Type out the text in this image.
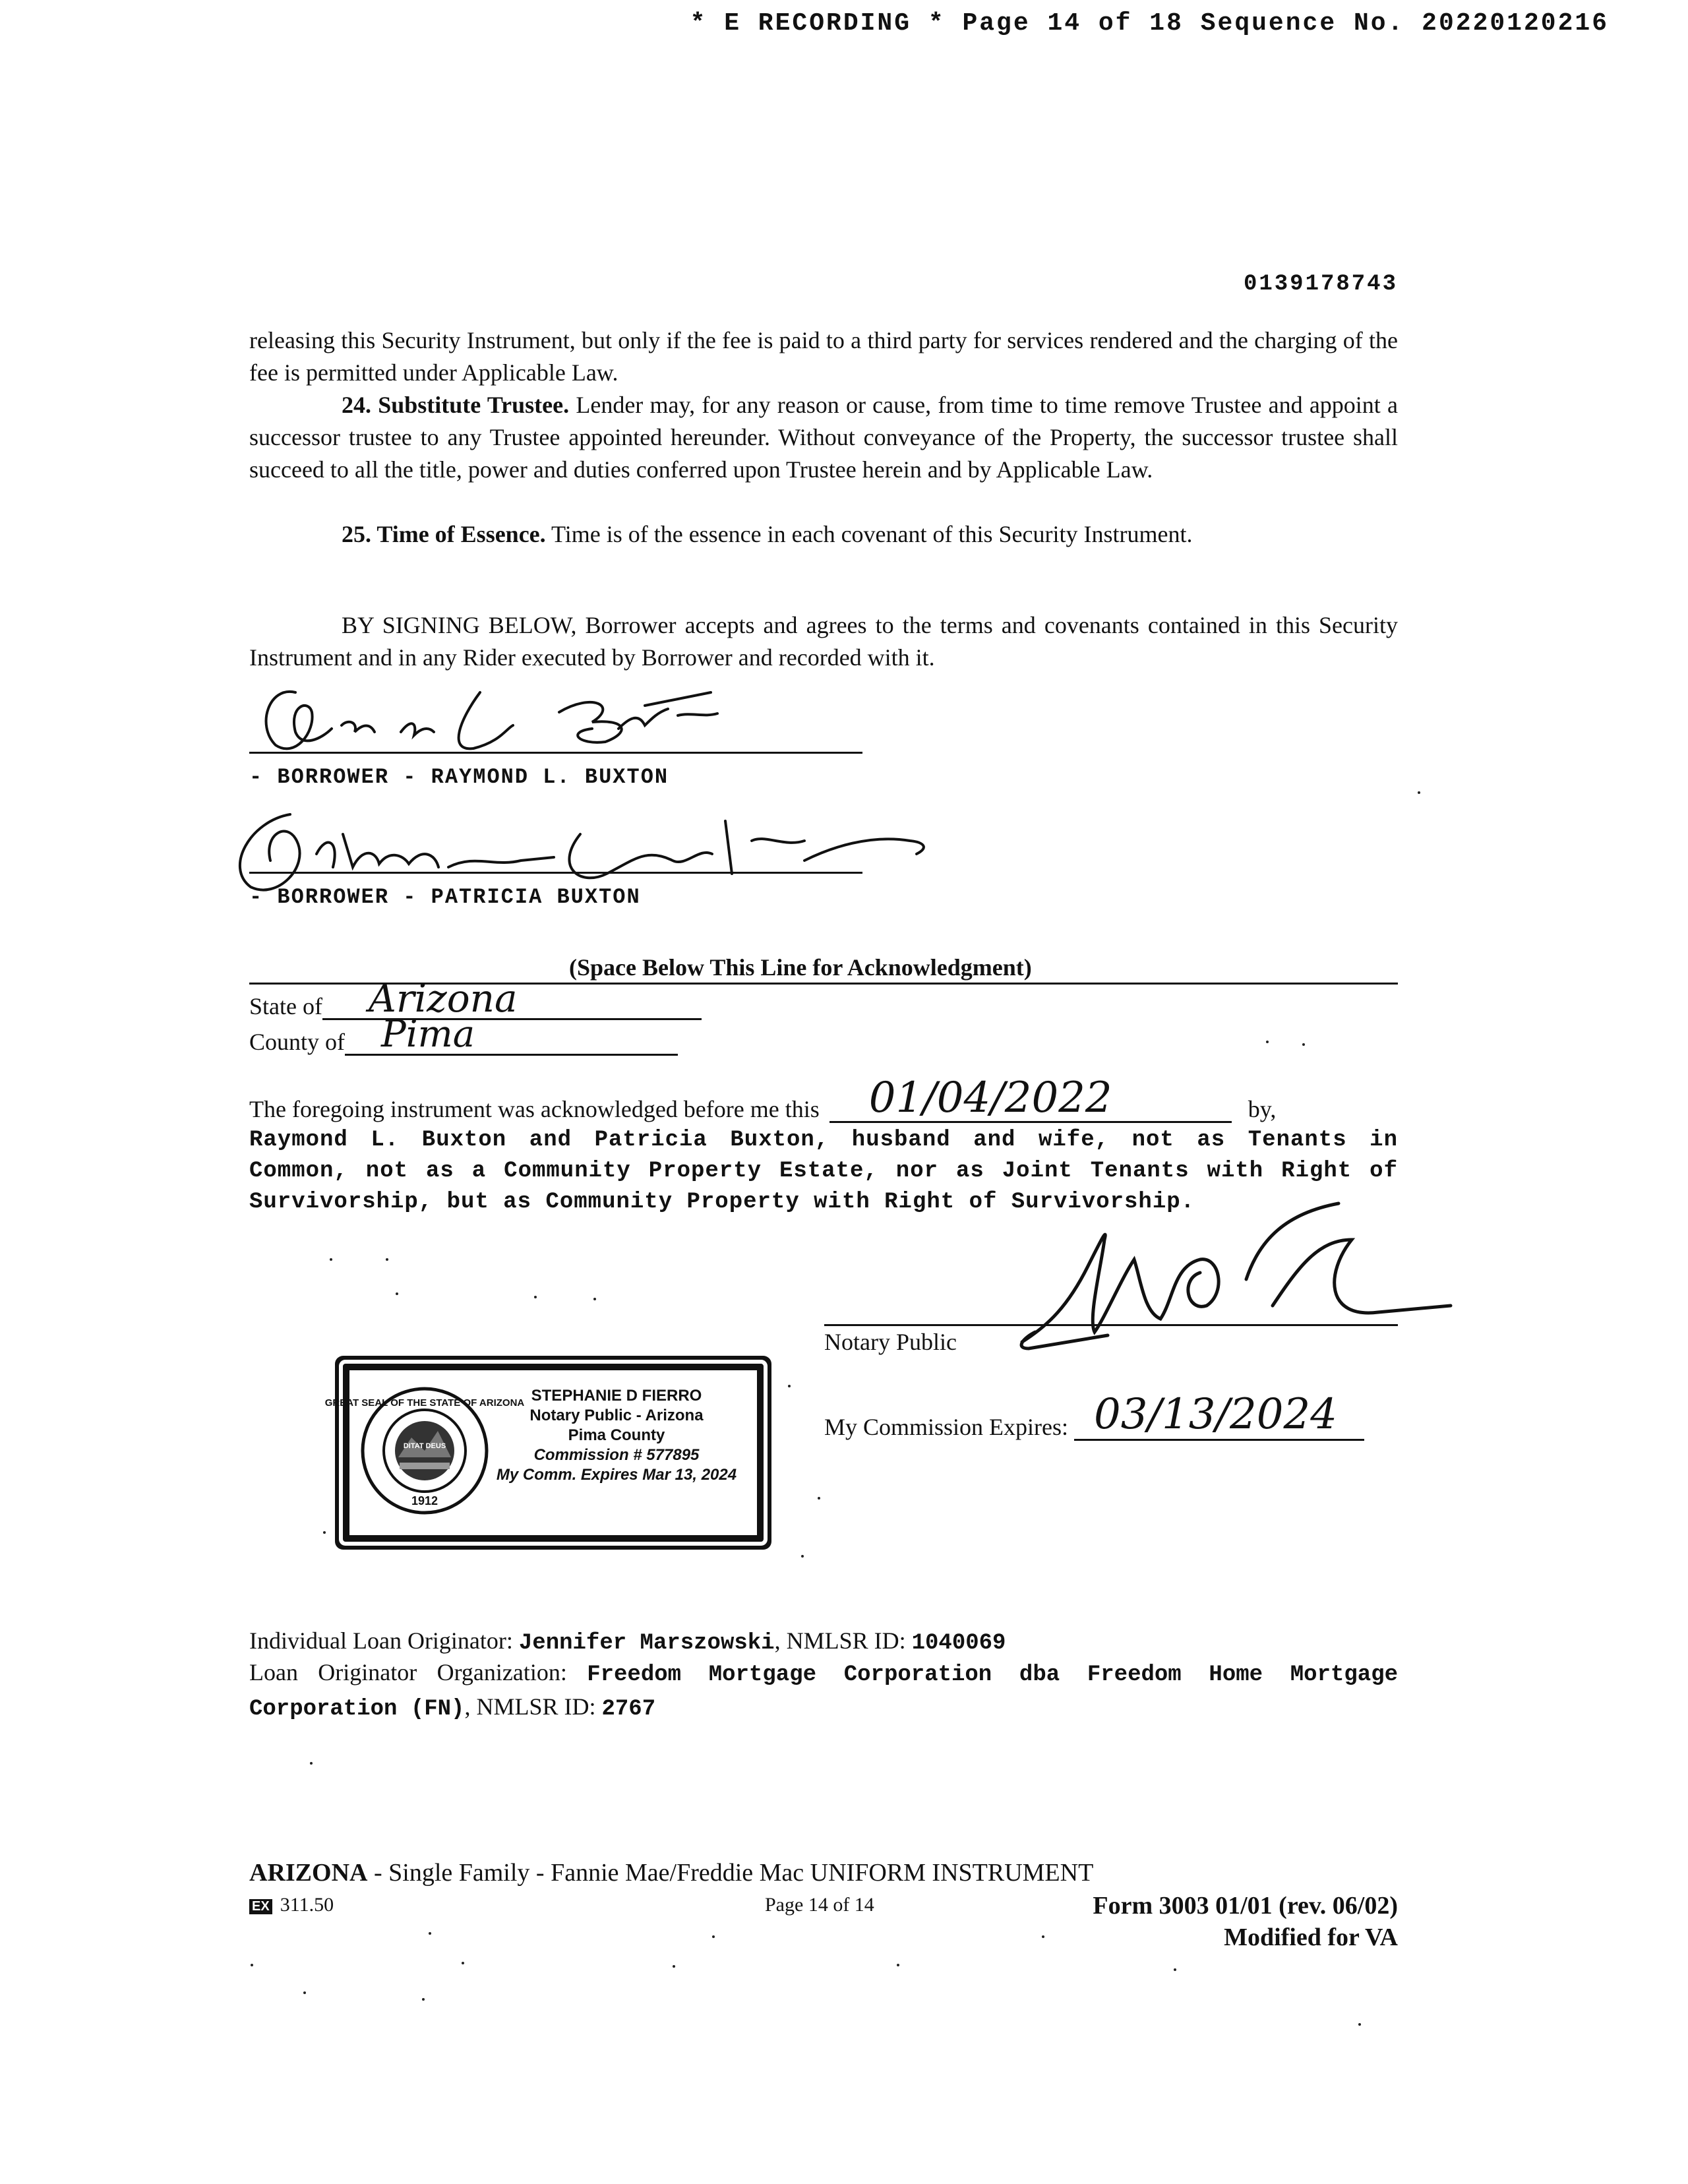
* E RECORDING * Page 14 of 18 Sequence No. 20220120216
0139178743
releasing this Security Instrument, but only if the fee is paid to a third party for services rendered and the charging of the fee is permitted under Applicable Law.
24. Substitute Trustee. Lender may, for any reason or cause, from time to time remove Trustee and appoint a successor trustee to any Trustee appointed hereunder. Without conveyance of the Property, the successor trustee shall succeed to all the title, power and duties conferred upon Trustee herein and by Applicable Law.
25. Time of Essence. Time is of the essence in each covenant of this Security Instrument.
BY SIGNING BELOW, Borrower accepts and agrees to the terms and covenants contained in this Security Instrument and in any Rider executed by Borrower and recorded with it.
- BORROWER - RAYMOND L. BUXTON
- BORROWER - PATRICIA BUXTON
(Space Below This Line for Acknowledgment)
State of Arizona
County of Pima
The foregoing instrument was acknowledged before me this 01/04/2022	by,
Raymond L. Buxton and Patricia Buxton, husband and wife, not as Tenants in Common, not as a Community Property Estate, nor as Joint Tenants with Right of Survivorship, but as Community Property with Right of Survivorship.
Notary Public
My Commission Expires: 03/13/2024
GREAT SEAL OF THE STATE OF ARIZONA
1912
DITAT DEUS
STEPHANIE D FIERRO
Notary Public - Arizona
Pima County
Commission # 577895
My Comm. Expires Mar 13, 2024
Individual Loan Originator: Jennifer Marszowski, NMLSR ID: 1040069
Loan Originator Organization: Freedom Mortgage Corporation dba Freedom Home Mortgage Corporation (FN), NMLSR ID: 2767
ARIZONA - Single Family - Fannie Mae/Freddie Mac UNIFORM INSTRUMENT
EX 311.50	Page 14 of 14	Form 3003 01/01 (rev. 06/02)
Modified for VA
